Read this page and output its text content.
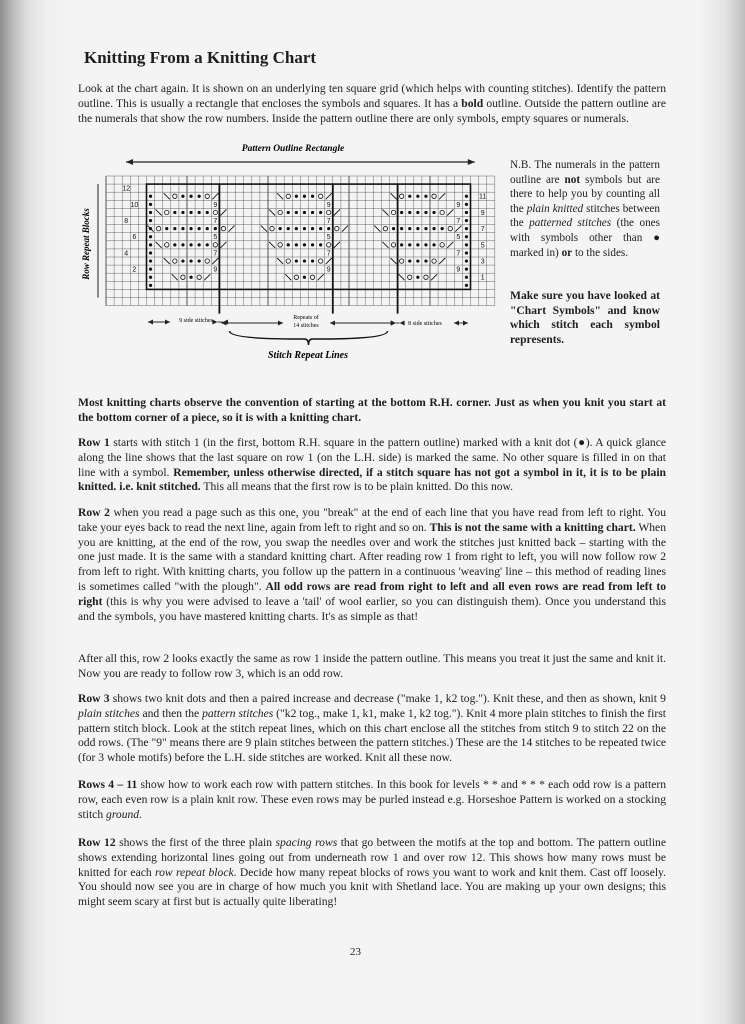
Knitting From a Knitting Chart

Look at the chart again. It is shown on an underlying ten square grid (which helps with counting stitches). Identify the pattern outline. This is usually a rectangle that encloses the symbols and squares. It has a bold outline. Outside the pattern outline are the numerals that show the row numbers. Inside the pattern outline there are only symbols, empty squares or numerals.

12
10
8
6
4
2
11
9
7
5
3
1
9	9	9
7	7	7
5	5	5
7	7	7
9	9	9
Pattern Outline Rectangle
Row Repeat Blocks
9 side stitches	Repeats of
14 stitches	8 side stitches
Stitch Repeat Lines
N.B. The numerals in the pattern outline are not symbols but are there to help you by counting all the plain knitted stitches between the patterned stitches (the ones with symbols other than ● marked in) or to the sides.
Make sure you have looked at "Chart Symbols" and know which stitch each symbol represents.

Most knitting charts observe the convention of starting at the bottom R.H. corner. Just as when you knit you start at the bottom corner of a piece, so it is with a knitting chart.

Row 1 starts with stitch 1 (in the first, bottom R.H. square in the pattern outline) marked with a knit dot (●). A quick glance along the line shows that the last square on row 1 (on the L.H. side) is marked the same. No other square is filled in on that line with a symbol. Remember, unless otherwise directed, if a stitch square has not got a symbol in it, it is to be plain knitted. i.e. knit stitched. This all means that the first row is to be plain knitted. Do this now.

Row 2 when you read a page such as this one, you "break" at the end of each line that you have read from left to right. You take your eyes back to read the next line, again from left to right and so on. This is not the same with a knitting chart. When you are knitting, at the end of the row, you swap the needles over and work the stitches just knitted back – starting with the one just made. It is the same with a standard knitting chart. After reading row 1 from right to left, you will now follow row 2 from left to right. With knitting charts, you follow up the pattern in a continuous 'weaving' line – this method of reading lines is sometimes called "with the plough". All odd rows are read from right to left and all even rows are read from left to right (this is why you were advised to leave a 'tail' of wool earlier, so you can distinguish them). Once you understand this and the symbols, you have mastered knitting charts. It's as simple as that!

After all this, row 2 looks exactly the same as row 1 inside the pattern outline. This means you treat it just the same and knit it. Now you are ready to follow row 3, which is an odd row.

Row 3 shows two knit dots and then a paired increase and decrease ("make 1, k2 tog."). Knit these, and then as shown, knit 9 plain stitches and then the pattern stitches ("k2 tog., make 1, k1, make 1, k2 tog."). Knit 4 more plain stitches to finish the first pattern stitch block. Look at the stitch repeat lines, which on this chart enclose all the stitches from stitch 9 to stitch 22 on the odd rows. (The "9" means there are 9 plain stitches between the pattern stitches.) These are the 14 stitches to be repeated twice (for 3 whole motifs) before the L.H. side stitches are worked. Knit all these now.

Rows 4 – 11 show how to work each row with pattern stitches. In this book for levels * * and * * * each odd row is a pattern row, each even row is a plain knit row. These even rows may be purled instead e.g. Horseshoe Pattern is worked on a stocking stitch ground.

Row 12 shows the first of the three plain spacing rows that go between the motifs at the top and bottom. The pattern outline shows extending horizontal lines going out from underneath row 1 and over row 12. This shows how many rows must be knitted for each row repeat block. Decide how many repeat blocks of rows you want to work and knit them. Cast off loosely. You should now see you are in charge of how much you knit with Shetland lace. You are making up your own designs; this might seem scary at first but is actually quite liberating!

23
